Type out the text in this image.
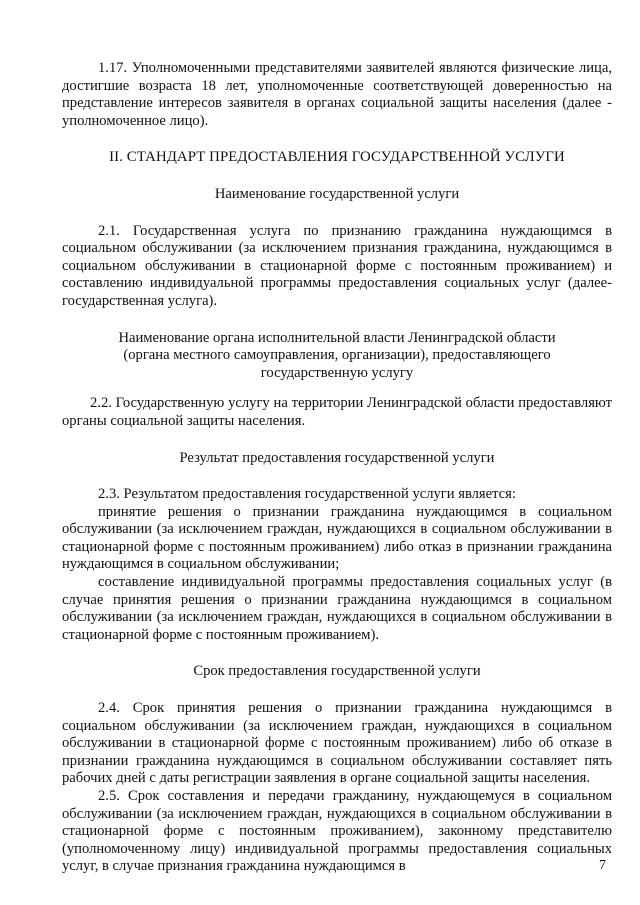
1.17. Уполномоченными представителями заявителей являются физические лица, достигшие возраста 18 лет, уполномоченные соответствующей доверенностью на представление интересов заявителя в органах социальной защиты населения (далее - уполномоченное лицо).

II. СТАНДАРТ ПРЕДОСТАВЛЕНИЯ ГОСУДАРСТВЕННОЙ УСЛУГИ

Наименование государственной услуги

2.1. Государственная услуга по признанию гражданина нуждающимся в социальном обслуживании (за исключением признания гражданина, нуждающимся в социальном обслуживании в стационарной форме с постоянным проживанием) и составлению индивидуальной программы предоставления социальных услуг (далее- государственная услуга).

Наименование органа исполнительной власти Ленинградской области

(органа местного самоуправления, организации), предоставляющего

государственную услугу

2.2. Государственную услугу на территории Ленинградской области предоставляют органы социальной защиты населения.

Результат предоставления государственной услуги

2.3. Результатом предоставления государственной услуги является:

принятие решения о признании гражданина нуждающимся в социальном обслуживании (за исключением граждан, нуждающихся в социальном обслуживании в стационарной форме с постоянным проживанием) либо отказ в признании гражданина нуждающимся в социальном обслуживании;

составление индивидуальной программы предоставления социальных услуг (в случае принятия решения о признании гражданина нуждающимся в социальном обслуживании (за исключением граждан, нуждающихся в социальном обслуживании в стационарной форме с постоянным проживанием).

Срок предоставления государственной услуги

2.4. Срок принятия решения о признании гражданина нуждающимся в социальном обслуживании (за исключением граждан, нуждающихся в социальном обслуживании в стационарной форме с постоянным проживанием) либо об отказе в признании гражданина нуждающимся в социальном обслуживании составляет пять рабочих дней с даты регистрации заявления в органе социальной защиты населения.

2.5. Срок составления и передачи гражданину, нуждающемуся в социальном обслуживании (за исключением граждан, нуждающихся в социальном обслуживании в стационарной форме с постоянным проживанием), законному представителю (уполномоченному лицу) индивидуальной программы предоставления социальных услуг, в случае признания гражданина нуждающимся в	7
